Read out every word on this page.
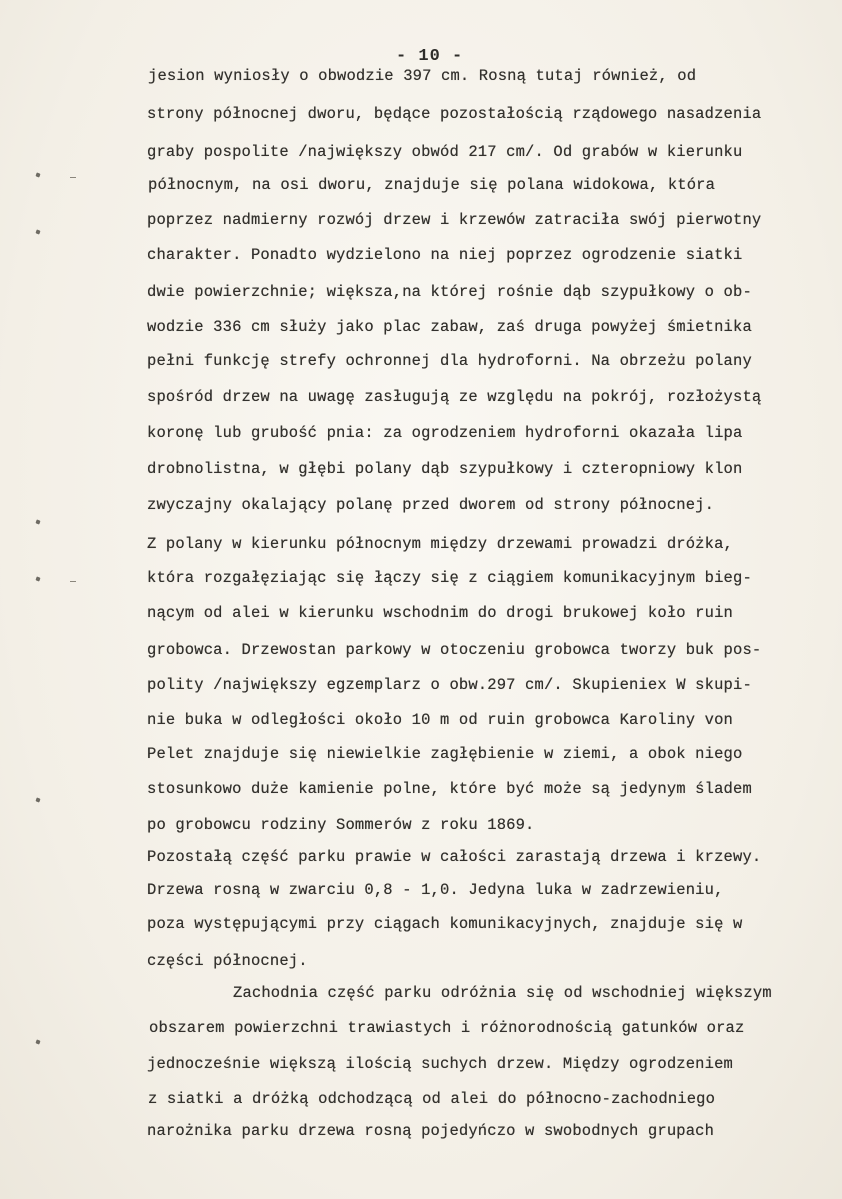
- 10 -
jesion wyniosły o obwodzie 397 cm. Rosną tutaj również, od
strony północnej dworu, będące pozostałością rządowego nasadzenia
graby pospolite /największy obwód 217 cm/. Od grabów w kierunku
północnym, na osi dworu, znajduje się polana widokowa, która
poprzez nadmierny rozwój drzew i krzewów zatraciła swój pierwotny
charakter. Ponadto wydzielono na niej poprzez ogrodzenie siatki
dwie powierzchnie; większa,na której rośnie dąb szypułkowy o ob-
wodzie 336 cm służy jako plac zabaw, zaś druga powyżej śmietnika
pełni funkcję strefy ochronnej dla hydroforni. Na obrzeżu polany
spośród drzew na uwagę zasługują ze względu na pokrój, rozłożystą
koronę lub grubość pnia: za ogrodzeniem hydroforni okazała lipa
drobnolistna, w głębi polany dąb szypułkowy i czteropniowy klon
zwyczajny okalający polanę przed dworem od strony północnej.
Z polany w kierunku północnym między drzewami prowadzi dróżka,
która rozgałęziając się łączy się z ciągiem komunikacyjnym bieg-
nącym od alei w kierunku wschodnim do drogi brukowej koło ruin
grobowca. Drzewostan parkowy w otoczeniu grobowca tworzy buk pos-
polity /największy egzemplarz o obw.297 cm/. Skupieniex W skupi-
nie buka w odległości około 10 m od ruin grobowca Karoliny von
Pelet znajduje się niewielkie zagłębienie w ziemi, a obok niego
stosunkowo duże kamienie polne, które być może są jedynym śladem
po grobowcu rodziny Sommerów z roku 1869.
Pozostałą część parku prawie w całości zarastają drzewa i krzewy.
Drzewa rosną w zwarciu 0,8 - 1,0. Jedyna luka w zadrzewieniu,
poza występującymi przy ciągach komunikacyjnych, znajduje się w
części północnej.
Zachodnia część parku odróżnia się od wschodniej większym
obszarem powierzchni trawiastych i różnorodnością gatunków oraz
jednocześnie większą ilością suchych drzew. Między ogrodzeniem
z siatki a dróżką odchodzącą od alei do północno-zachodniego
narożnika parku drzewa rosną pojedyńczo w swobodnych grupach
